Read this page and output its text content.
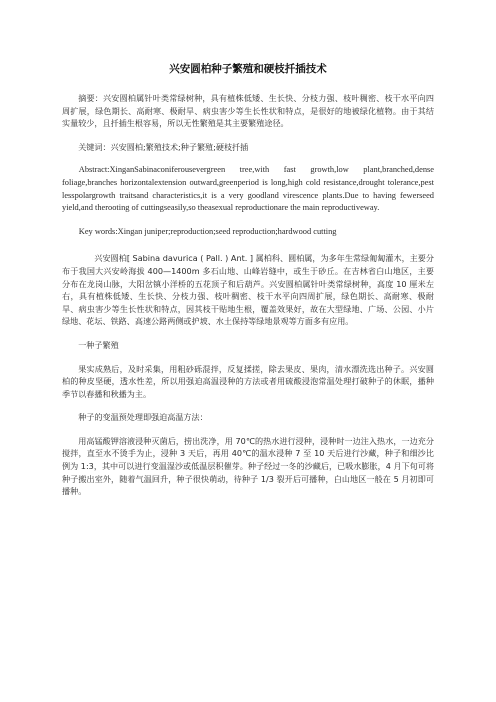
兴安圆柏种子繁殖和硬枝扦插技术

摘要：兴安圆柏属针叶类常绿树种，具有植株低矮、生长快、分枝力强、枝叶稠密、枝干水平向四周扩展，绿色期长、高耐寒、极耐旱、病虫害少等生长性状和特点，是很好的地被绿化植物。由于其结实量较少，且扦插生根容易，所以无性繁殖是其主要繁殖途径。

关键词：兴安圆柏;繁殖技术;种子繁殖;硬枝扦插

Abstract:XinganSabinaconiferousevergreen tree,with fast growth,low plant,branched,dense foliage,branches horizontalextension outward,greenperiod is long,high cold resistance,drought tolerance,pest lesspolargrowth traitsand characteristics,it is a very goodland virescence plants.Due to having fewerseed yield,and therooting of cuttingseasily,so theasexual reproductionare the main reproductiveway.

Key words:Xingan juniper;reproduction;seed reproduction;hardwood cutting

兴安圆柏[ Sabina davurica ( Pall. ) Ant. ] 属柏科、圆柏属，为多年生常绿匍匐灌木，主要分布于我国大兴安岭海拔 400—1400m 多石山地、山峰岩缝中，或生于砂丘。在吉林省白山地区，主要分布在龙岗山脉，大阳岔镇小洋桥的五花顶子和后葫芦。兴安圆柏属针叶类常绿树种，高度 10 厘米左右，具有植株低矮、生长快、分枝力强、枝叶稠密、枝干水平向四周扩展，绿色期长、高耐寒、极耐旱、病虫害少等生长性状和特点，因其枝干贴地生根，覆盖效果好，故在大型绿地、广场、公园、小片绿地、花坛、铁路、高速公路两侧或护坡、水土保持等绿地景观等方面多有应用。

一种子繁殖

果实成熟后，及时采集，用粗砂砾混拌，反复揉搓，除去果皮、果肉，清水漂洗选出种子。兴安圆柏的种皮坚硬，透水性差，所以用强迫高温浸种的方法或者用硫酸浸泡常温处理打破种子的休眠，播种季节以春播和秋播为主。

种子的变温预处理即强迫高温方法：

用高锰酸钾溶液浸种灭菌后，捞出洗净，用 70℃的热水进行浸种，浸种时一边注入热水，一边充分搅拌，直至水不烫手为止，浸种 3 天后，再用 40℃的温水浸种 7 至 10 天后进行沙藏，种子和细沙比例为 1:3，其中可以进行变温湿沙或低温层积催芽。种子经过一冬的沙藏后，已吸水膨胀，4 月下旬可将种子搬出室外，随着气温回升，种子很快萌动，待种子 1/3 裂开后可播种，白山地区一般在 5 月初即可播种。
